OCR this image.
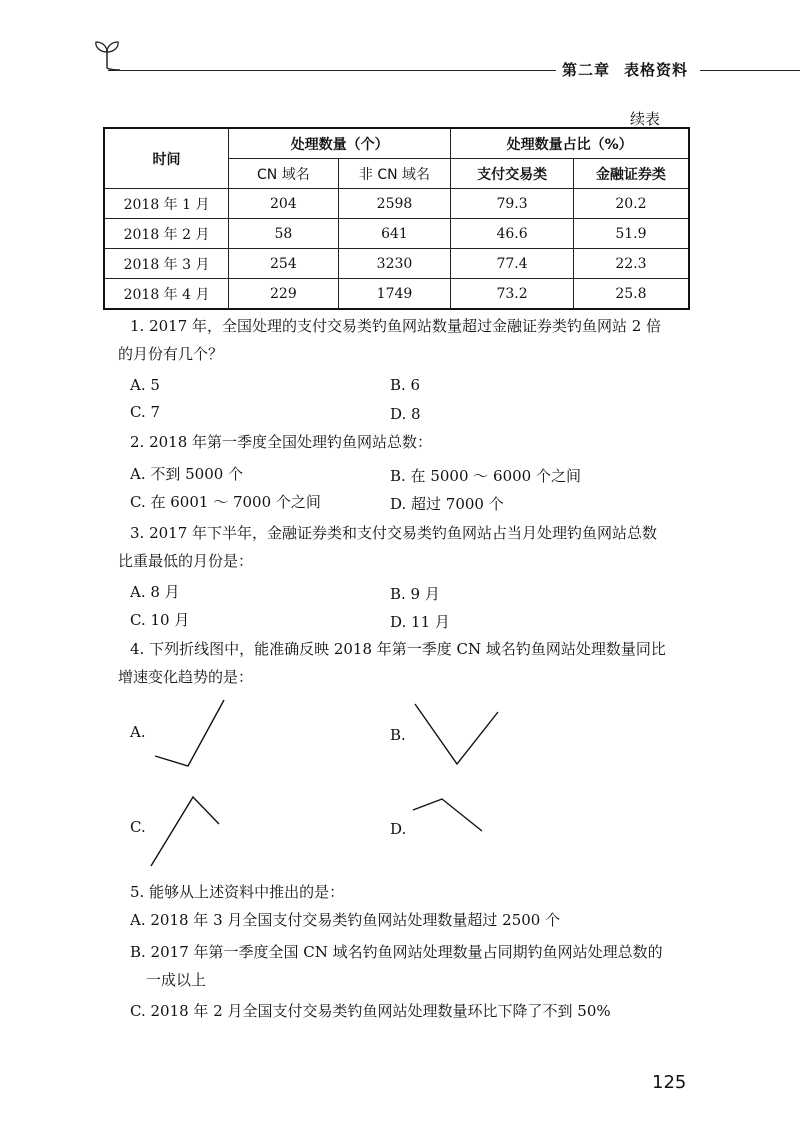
第二章 表格资料
续表
时间	处理数量（个）		处理数量占比（%）	
	CN 域名	非 CN 域名	支付交易类	金融证券类
2018 年 1 月	204	2598	79.3	20.2
2018 年 2 月	58	641	46.6	51.9
2018 年 3 月	254	3230	77.4	22.3
2018 年 4 月	229	1749	73.2	25.8
1. 2017 年，全国处理的支付交易类钓鱼网站数量超过金融证券类钓鱼网站 2 倍
的月份有几个？
A. 5	B. 6
C. 7	D. 8
2. 2018 年第一季度全国处理钓鱼网站总数：
A. 不到 5000 个	B. 在 5000 ～ 6000 个之间
C. 在 6001 ～ 7000 个之间	D. 超过 7000 个
3. 2017 年下半年，金融证券类和支付交易类钓鱼网站占当月处理钓鱼网站总数
比重最低的月份是：
A. 8 月	B. 9 月
C. 10 月	D. 11 月
4. 下列折线图中，能准确反映 2018 年第一季度 CN 域名钓鱼网站处理数量同比
增速变化趋势的是：
A.	B.
C.	D.
5. 能够从上述资料中推出的是：
A. 2018 年 3 月全国支付交易类钓鱼网站处理数量超过 2500 个
B. 2017 年第一季度全国 CN 域名钓鱼网站处理数量占同期钓鱼网站处理总数的
一成以上
C. 2018 年 2 月全国支付交易类钓鱼网站处理数量环比下降了不到 50%
125
